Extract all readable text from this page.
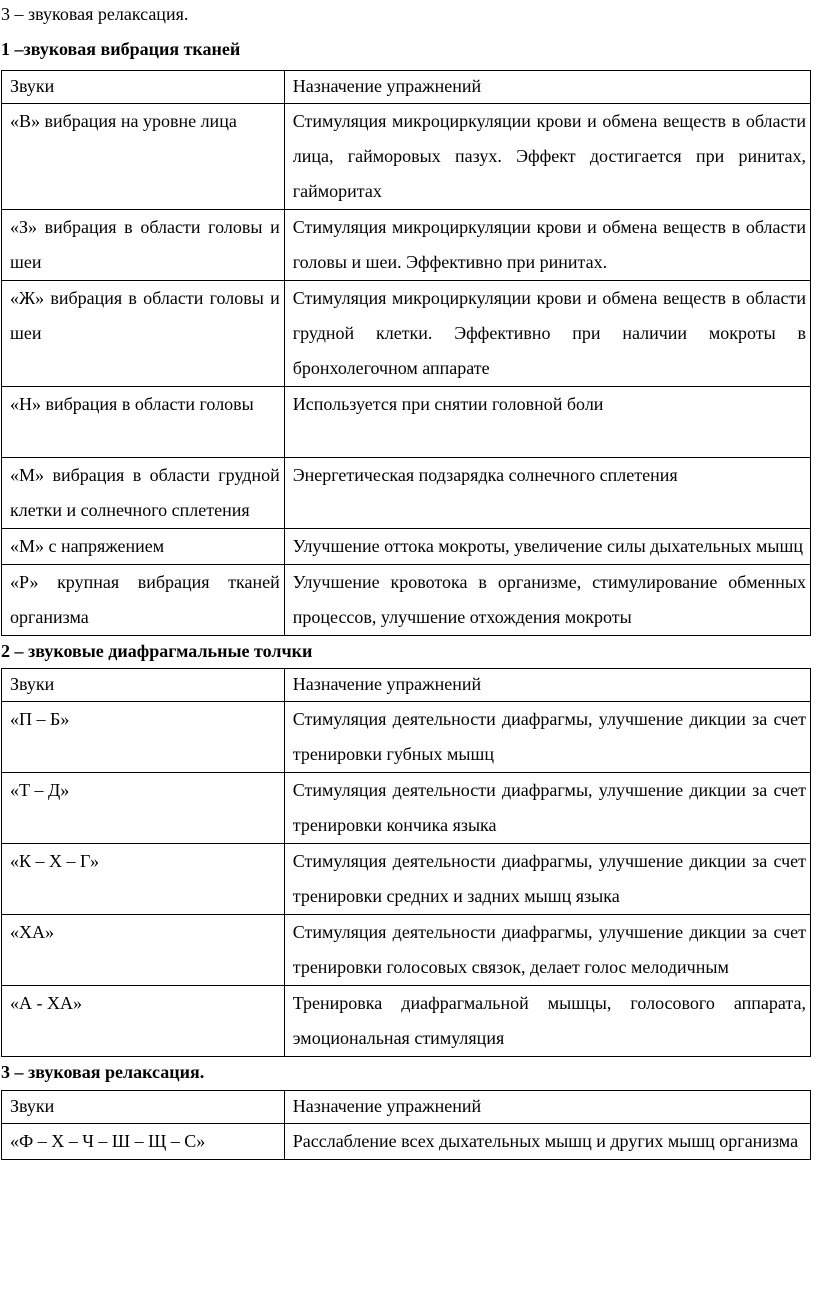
3 – звуковая релаксация.

1 –звуковая вибрация тканей

Звуки	Назначение упражнений
«В» вибрация на уровне лица	Стимуляция микроциркуляции крови и обмена веществ в области лица, гайморовых пазух. Эффект достигается при ринитах, гайморитах
«З» вибрация в области головы и шеи	Стимуляция микроциркуляции крови и обмена веществ в области головы и шеи. Эффективно при ринитах.
«Ж» вибрация в области головы и шеи	Стимуляция микроциркуляции крови и обмена веществ в области грудной клетки. Эффективно при наличии мокроты в бронхолегочном аппарате
«Н» вибрация в области головы	Используется при снятии головной боли
«М» вибрация в области грудной клетки и солнечного сплетения	Энергетическая подзарядка солнечного сплетения
«М» с напряжением	Улучшение оттока мокроты, увеличение силы дыхательных мышц
«Р» крупная вибрация тканей организма	Улучшение кровотока в организме, стимулирование обменных процессов, улучшение отхождения мокроты

2 – звуковые диафрагмальные толчки

Звуки	Назначение упражнений
«П – Б»	Стимуляция деятельности диафрагмы, улучшение дикции за счет тренировки губных мышц
«Т – Д»	Стимуляция деятельности диафрагмы, улучшение дикции за счет тренировки кончика языка
«К – Х – Г»	Стимуляция деятельности диафрагмы, улучшение дикции за счет тренировки средних и задних мышц языка
«ХА»	Стимуляция деятельности диафрагмы, улучшение дикции за счет тренировки голосовых связок, делает голос мелодичным
«А - ХА»	Тренировка диафрагмальной мышцы, голосового аппарата, эмоциональная стимуляция

3 – звуковая релаксация.

Звуки	Назначение упражнений
«Ф – Х – Ч – Ш – Щ – С»	Расслабление всех дыхательных мышц и других мышц организма
